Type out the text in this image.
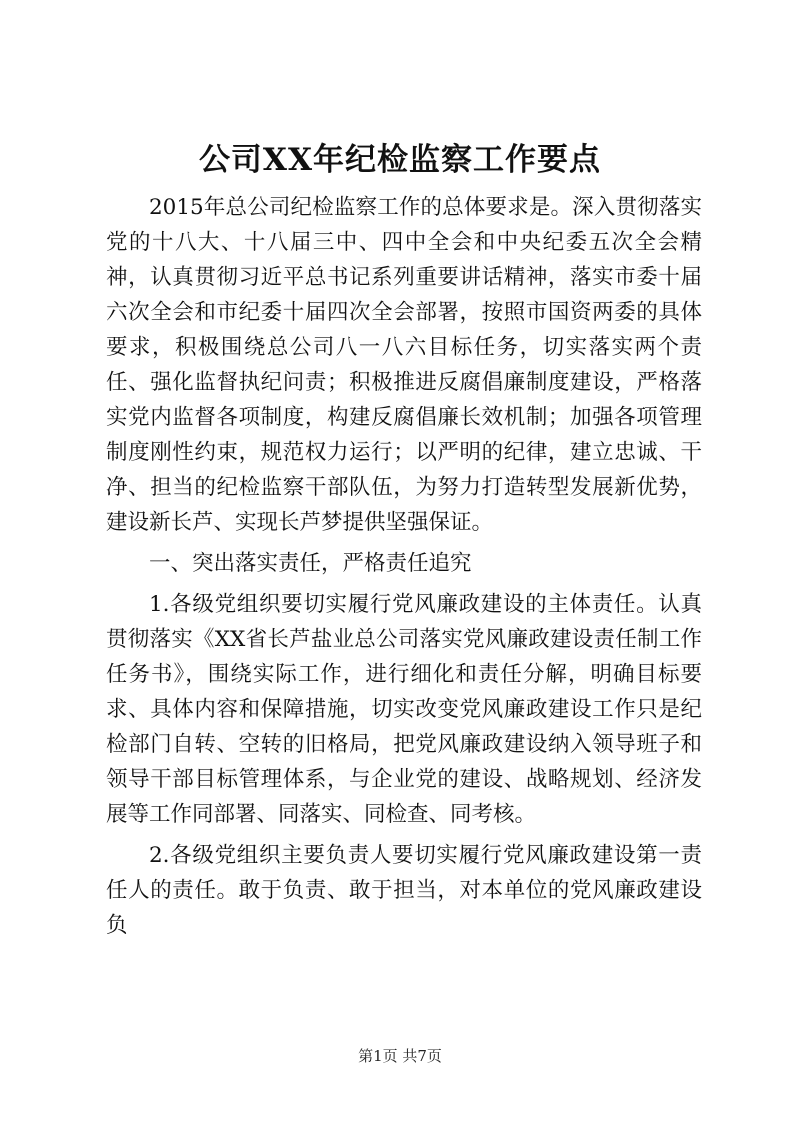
公司XX年纪检监察工作要点

2015年总公司纪检监察工作的总体要求是。深入贯彻落实党的十八大、十八届三中、四中全会和中央纪委五次全会精神，认真贯彻习近平总书记系列重要讲话精神，落实市委十届六次全会和市纪委十届四次全会部署，按照市国资两委的具体要求，积极围绕总公司八一八六目标任务，切实落实两个责任、强化监督执纪问责；积极推进反腐倡廉制度建设，严格落实党内监督各项制度，构建反腐倡廉长效机制；加强各项管理制度刚性约束，规范权力运行；以严明的纪律，建立忠诚、干净、担当的纪检监察干部队伍，为努力打造转型发展新优势，建设新长芦、实现长芦梦提供坚强保证。

一、突出落实责任，严格责任追究

1.各级党组织要切实履行党风廉政建设的主体责任。认真贯彻落实《XX省长芦盐业总公司落实党风廉政建设责任制工作任务书》，围绕实际工作，进行细化和责任分解，明确目标要求、具体内容和保障措施，切实改变党风廉政建设工作只是纪检部门自转、空转的旧格局，把党风廉政建设纳入领导班子和领导干部目标管理体系，与企业党的建设、战略规划、经济发展等工作同部署、同落实、同检查、同考核。

2.各级党组织主要负责人要切实履行党风廉政建设第一责任人的责任。敢于负责、敢于担当，对本单位的党风廉政建设负

第1页 共7页
